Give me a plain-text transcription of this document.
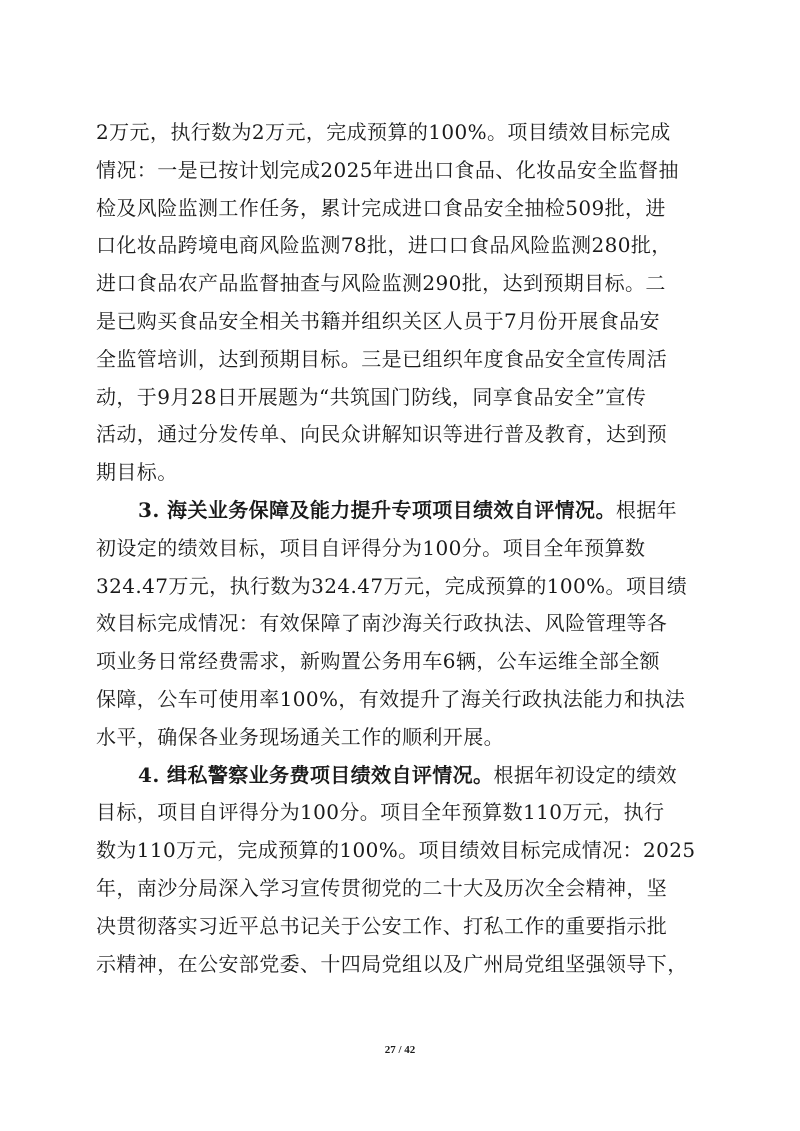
2万元，执行数为2万元，完成预算的100%。项目绩效目标完成
情况：一是已按计划完成2025年进出口食品、化妆品安全监督抽
检及风险监测工作任务，累计完成进口食品安全抽检509批，进
口化妆品跨境电商风险监测78批，进口口食品风险监测280批，
进口食品农产品监督抽查与风险监测290批，达到预期目标。二
是已购买食品安全相关书籍并组织关区人员于7月份开展食品安
全监管培训，达到预期目标。三是已组织年度食品安全宣传周活
动，于9月28日开展题为“共筑国门防线，同享食品安全”宣传
活动，通过分发传单、向民众讲解知识等进行普及教育，达到预
期目标。
3. 海关业务保障及能力提升专项项目绩效自评情况。根据年
初设定的绩效目标，项目自评得分为100分。项目全年预算数
324.47万元，执行数为324.47万元，完成预算的100%。项目绩
效目标完成情况：有效保障了南沙海关行政执法、风险管理等各
项业务日常经费需求，新购置公务用车6辆，公车运维全部全额
保障，公车可使用率100%，有效提升了海关行政执法能力和执法
水平，确保各业务现场通关工作的顺利开展。
4. 缉私警察业务费项目绩效自评情况。根据年初设定的绩效
目标，项目自评得分为100分。项目全年预算数110万元，执行
数为110万元，完成预算的100%。项目绩效目标完成情况：2025
年，南沙分局深入学习宣传贯彻党的二十大及历次全会精神，坚
决贯彻落实习近平总书记关于公安工作、打私工作的重要指示批
示精神，在公安部党委、十四局党组以及广州局党组坚强领导下，
27 / 42
